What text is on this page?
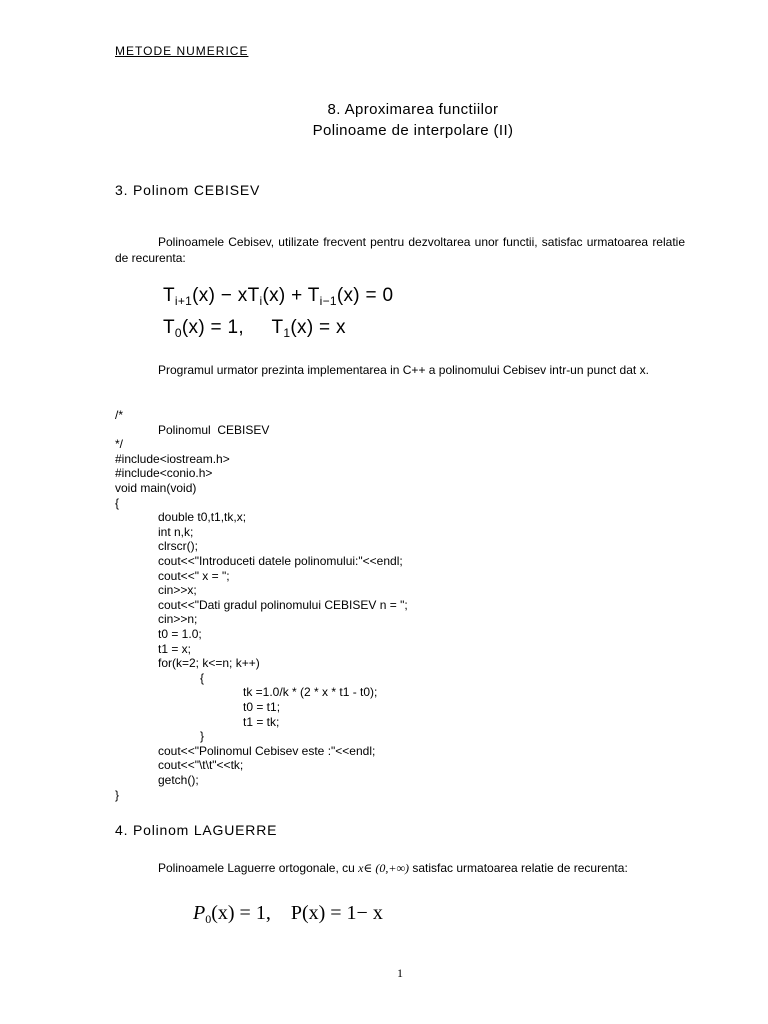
METODE NUMERICE
8. Aproximarea functiilor
Polinoame de interpolare (II)
3. Polinom CEBISEV
Polinoamele Cebisev, utilizate frecvent pentru dezvoltarea unor functii, satisfac urmatoarea relatie de recurenta:
$T_{i+1}(x) - xT_i(x) + T_{i-1}(x) = 0$
$T_0(x) = 1$,     $T_1(x) = x$
Programul urmator prezinta implementarea in C++ a polinomului Cebisev intr-un punct dat x.
/*
Polinomul  CEBISEV
*/
#include<iostream.h>
#include<conio.h>
void main(void)
{
double t0,t1,tk,x;
int n,k;
clrscr();
cout<<"Introduceti datele polinomului:"<<endl;
cout<<" x = ";
cin>>x;
cout<<"Dati gradul polinomului CEBISEV n = ";
cin>>n;
t0 = 1.0;
t1 = x;
for(k=2; k<=n; k++)
{
tk =1.0/k * (2 * x * t1 - t0);
t0 = t1;
t1 = tk;
}
cout<<"Polinomul Cebisev este :"<<endl;
cout<<"\t\t"<<tk;
getch();
}
4. Polinom LAGUERRE
Polinoamele Laguerre ortogonale, cu x∈ (0,+∞) satisfac urmatoarea relatie de recurenta:
$P_0(x) = 1$,    P(x) = 1− x
1
